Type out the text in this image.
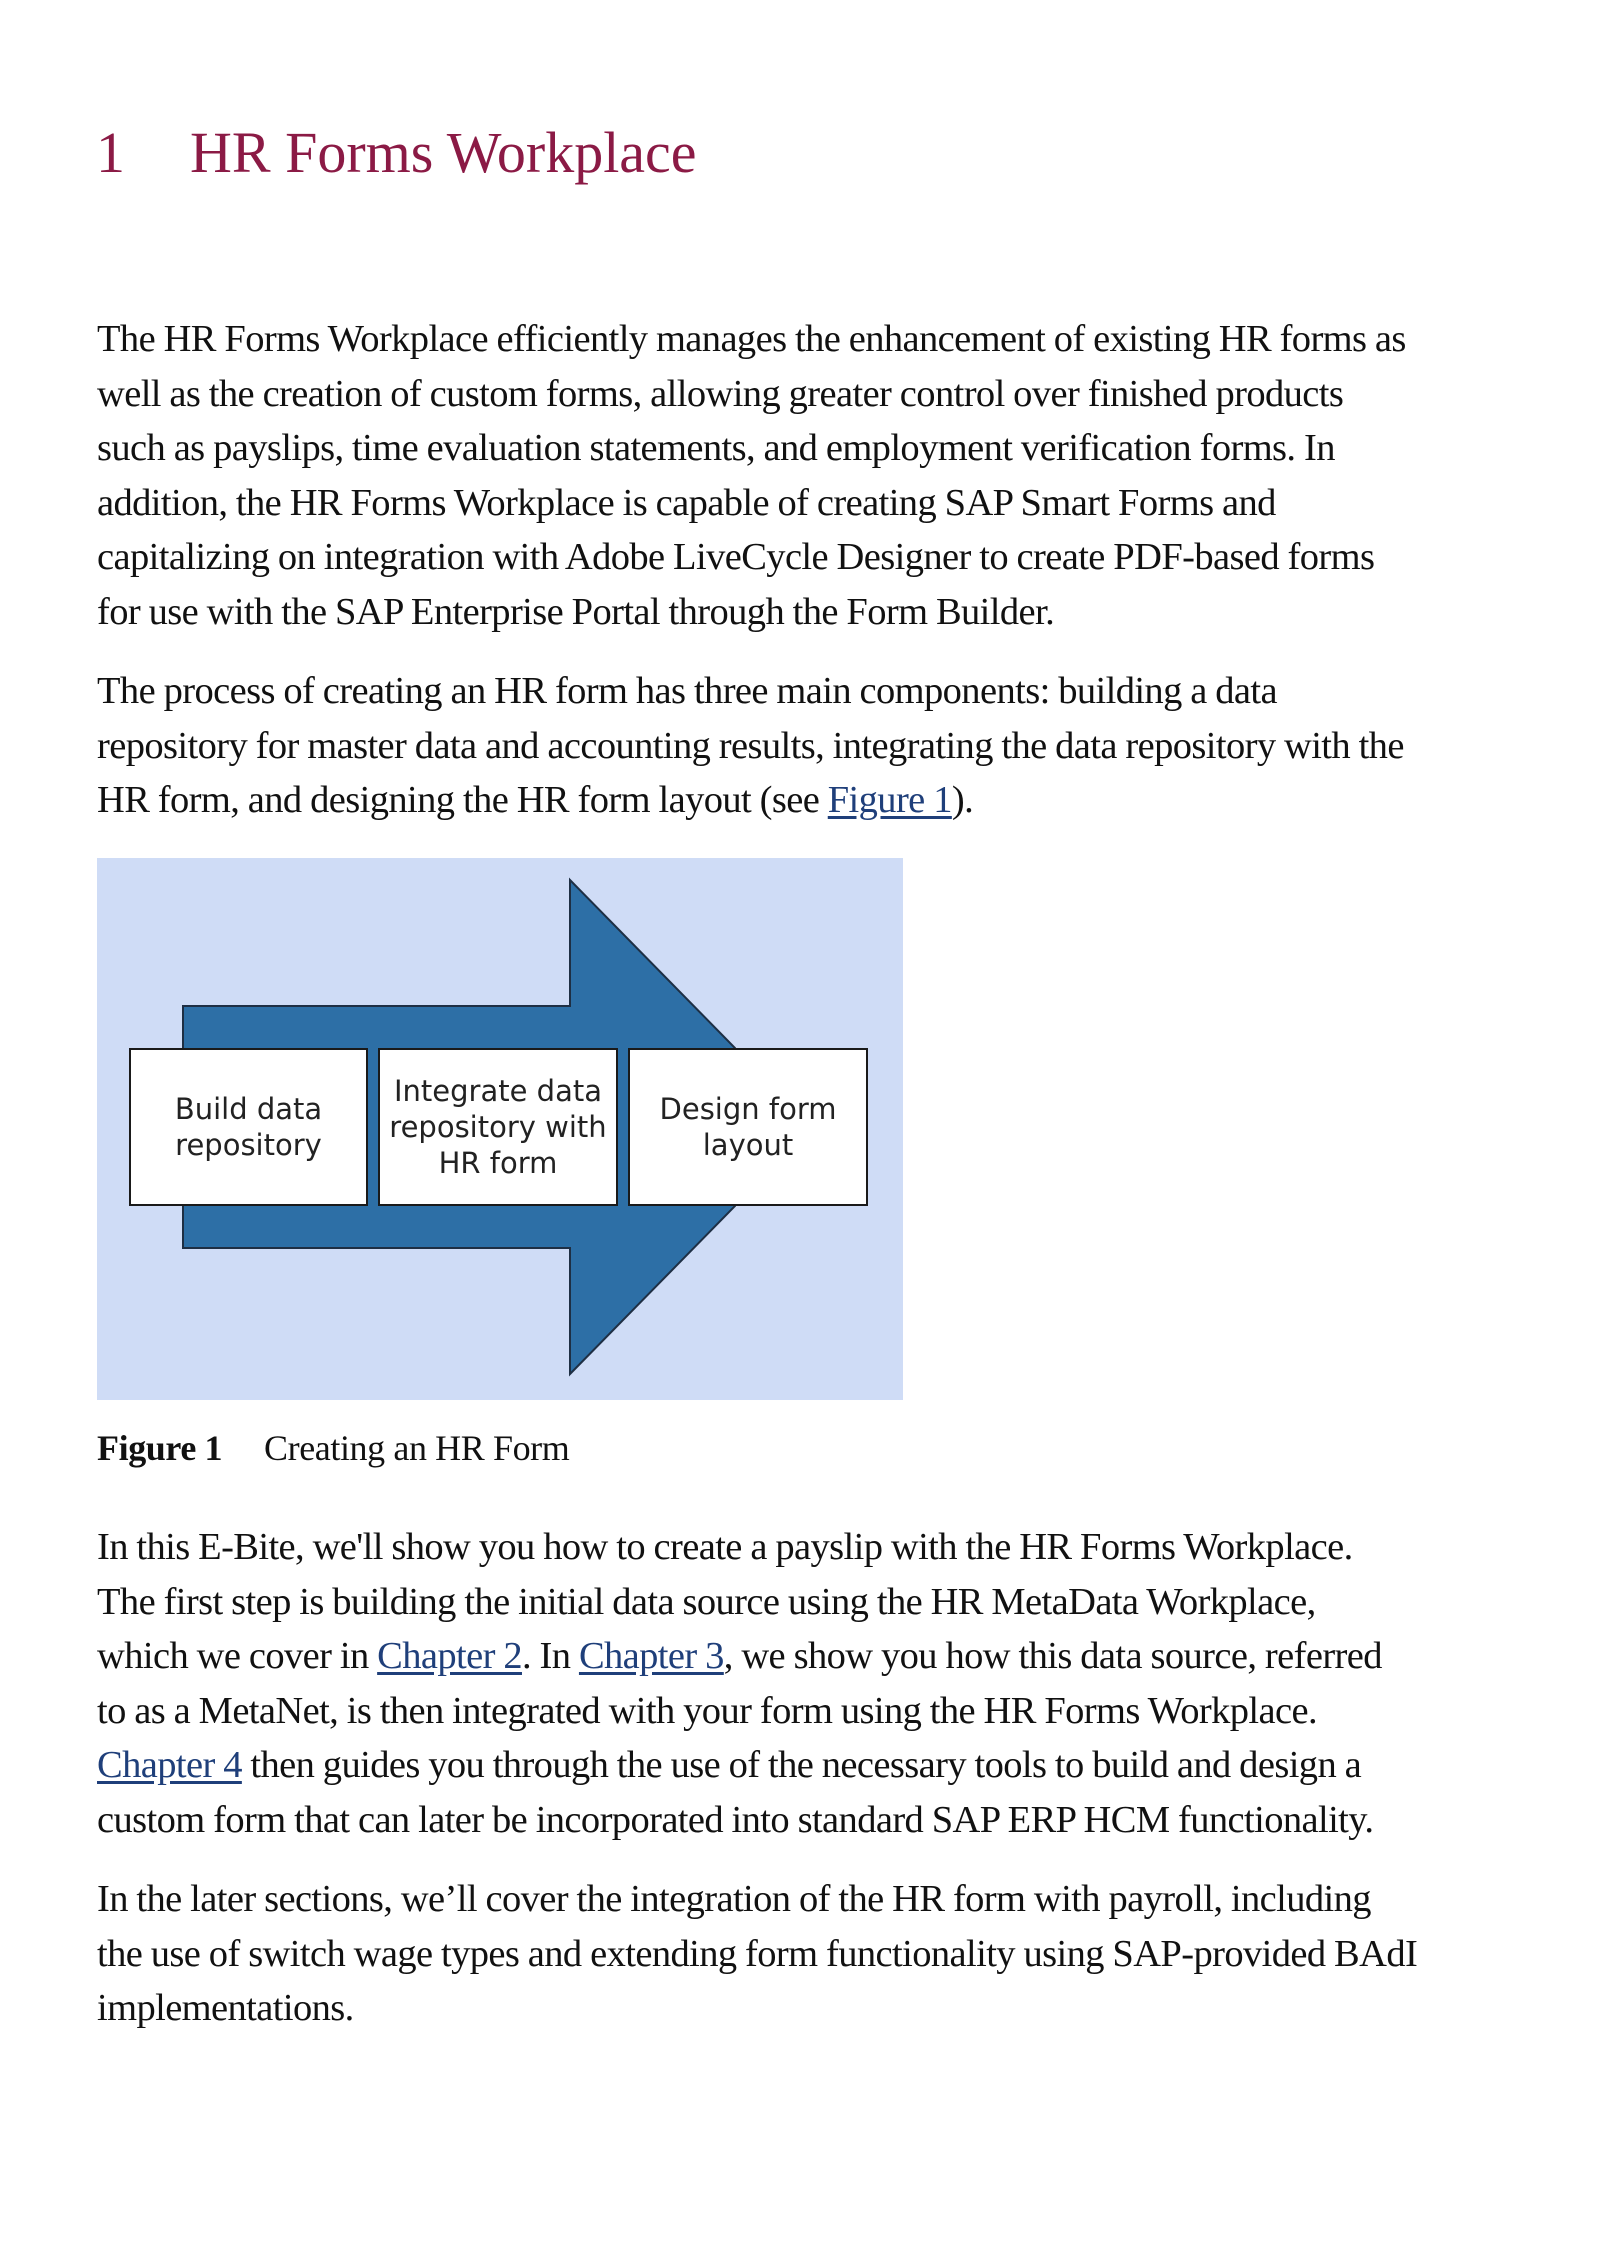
1 HR Forms Workplace

The HR Forms Workplace efficiently manages the enhancement of existing HR forms as
well as the creation of custom forms, allowing greater control over finished products
such as payslips, time evaluation statements, and employment verification forms. In
addition, the HR Forms Workplace is capable of creating SAP Smart Forms and
capitalizing on integration with Adobe LiveCycle Designer to create PDF-based forms
for use with the SAP Enterprise Portal through the Form Builder.

The process of creating an HR form has three main components: building a data
repository for master data and accounting results, integrating the data repository with the
HR form, and designing the HR form layout (see Figure 1).

Build data
repository
Integrate data
repository with
HR form
Design form
layout
Figure 1 Creating an HR Form

In this E-Bite, we'll show you how to create a payslip with the HR Forms Workplace.
The first step is building the initial data source using the HR MetaData Workplace,
which we cover in Chapter 2. In Chapter 3, we show you how this data source, referred
to as a MetaNet, is then integrated with your form using the HR Forms Workplace.
Chapter 4 then guides you through the use of the necessary tools to build and design a
custom form that can later be incorporated into standard SAP ERP HCM functionality.

In the later sections, we’ll cover the integration of the HR form with payroll, including
the use of switch wage types and extending form functionality using SAP-provided BAdI
implementations.
